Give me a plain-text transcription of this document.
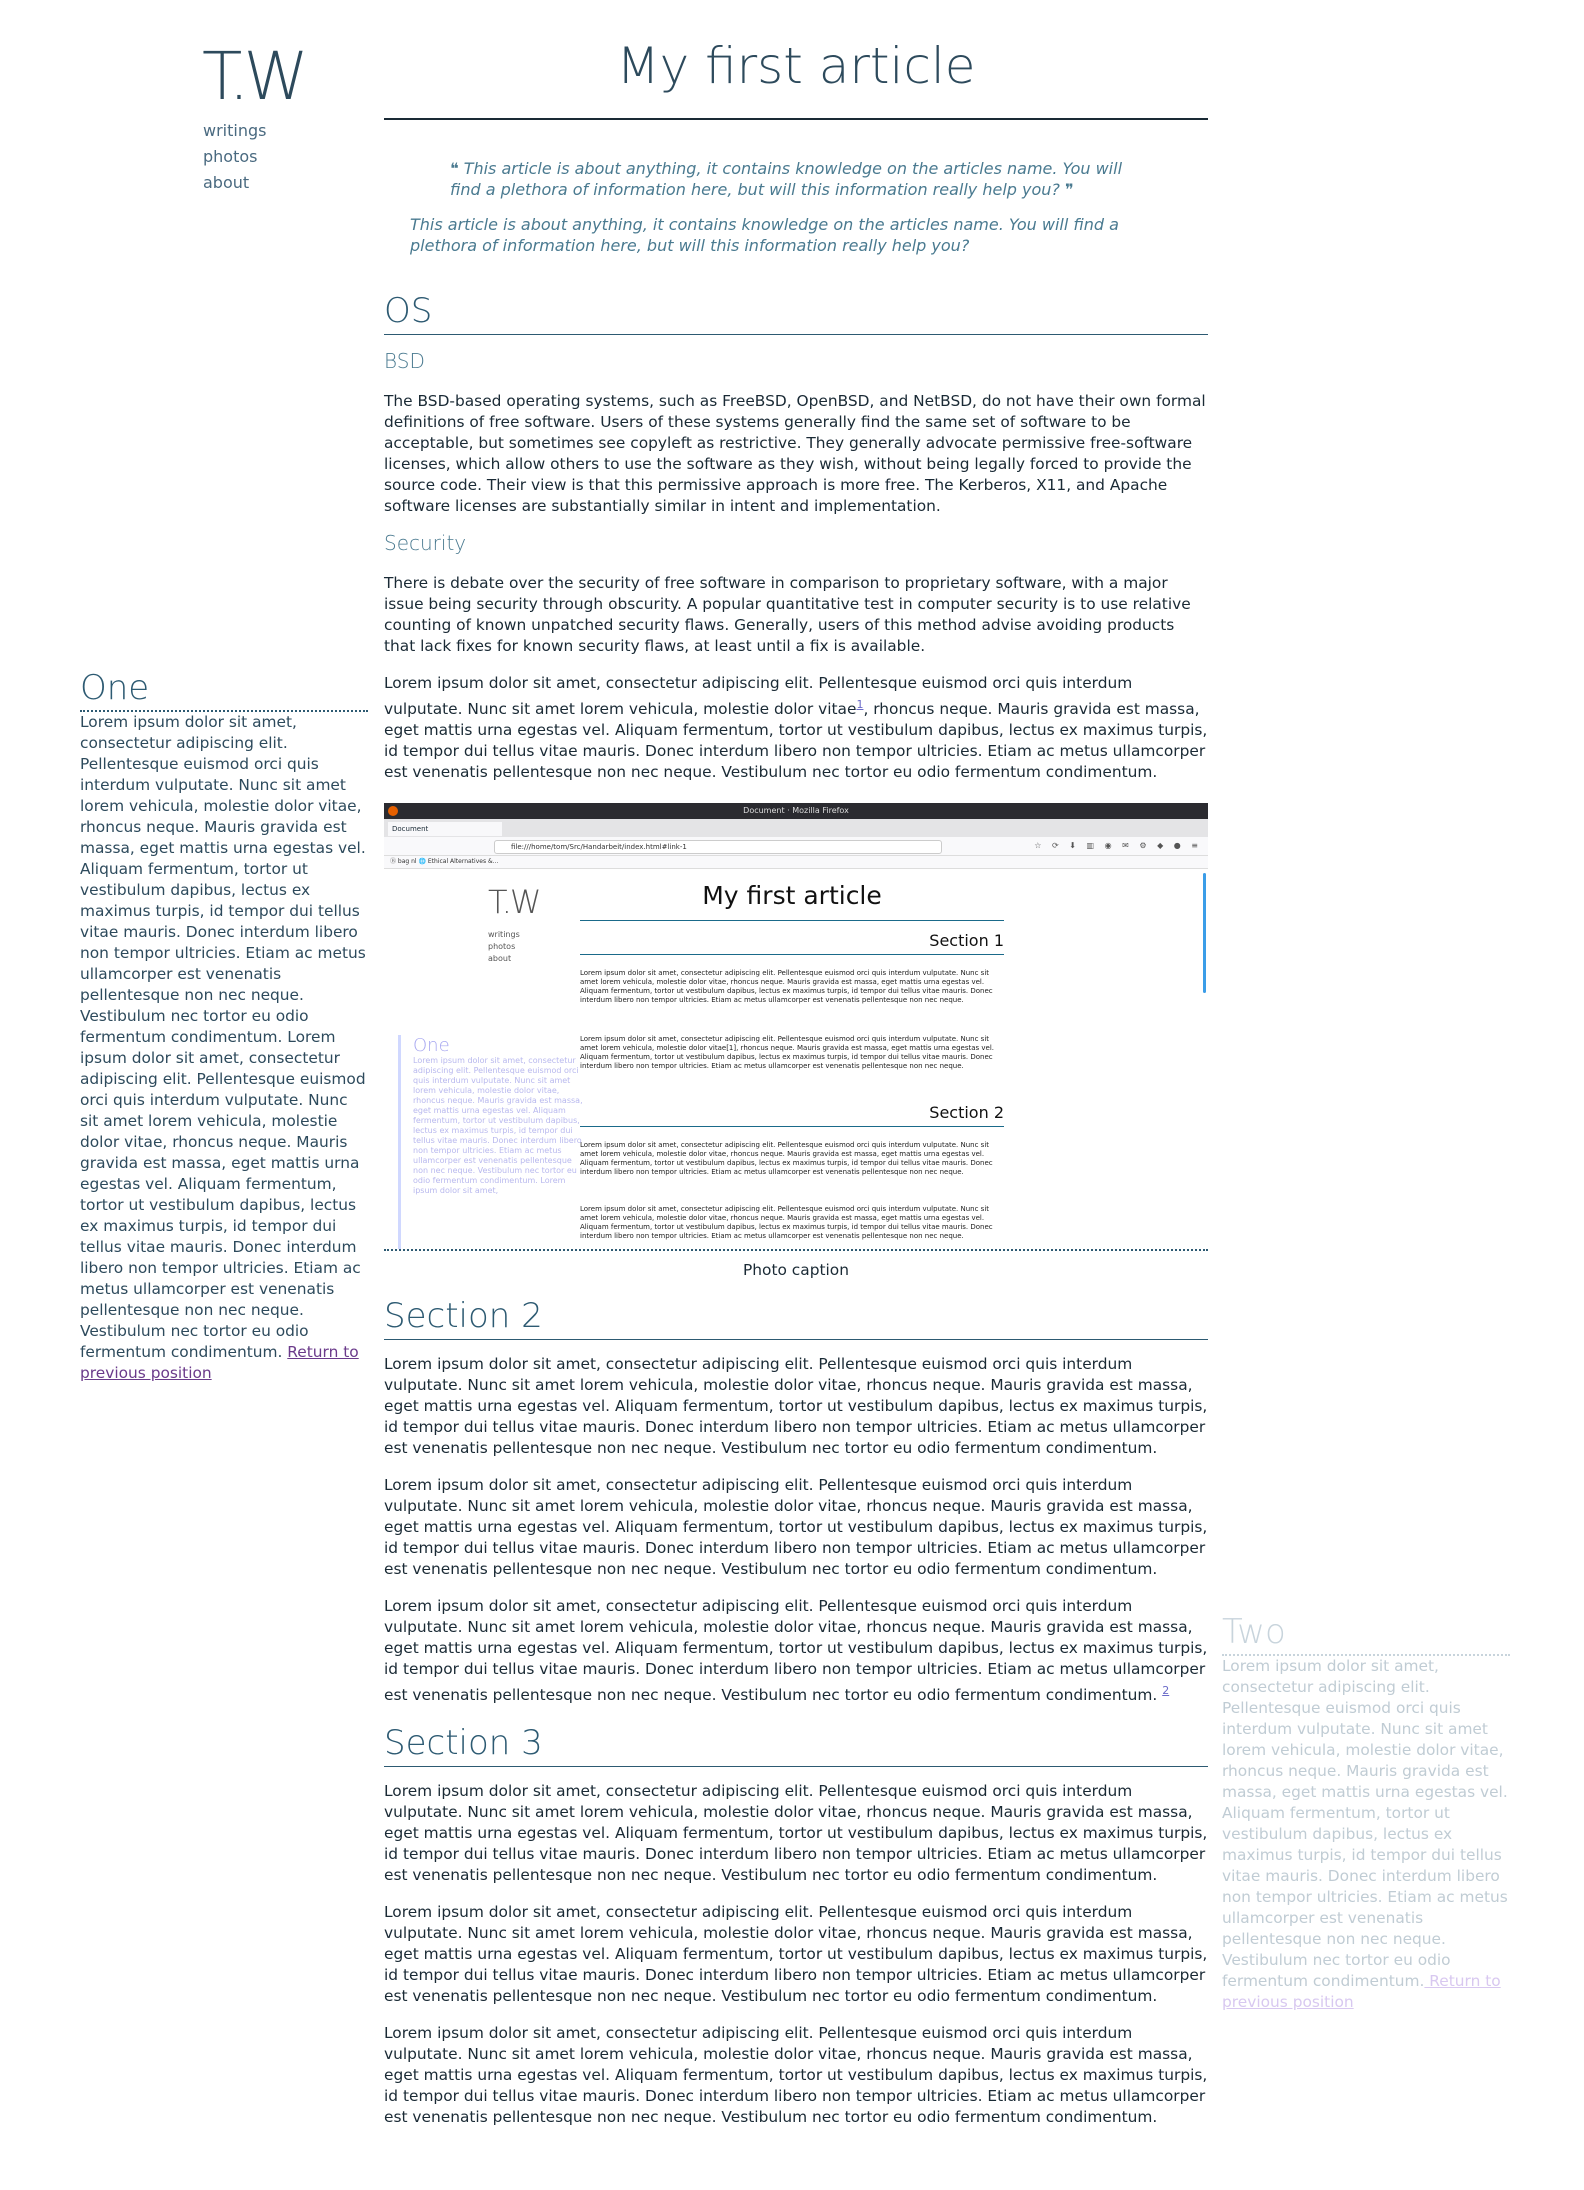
T.W
writings
photos
about
My first article
❝ This article is about anything, it contains knowledge on the articles name. You will find a plethora of information here, but will this information really help you? ❞
This article is about anything, it contains knowledge on the articles name. You will find a plethora of information here, but will this information really help you?
OS
BSD

The BSD-based operating systems, such as FreeBSD, OpenBSD, and NetBSD, do not have their own formal definitions of free software. Users of these systems generally find the same set of software to be acceptable, but sometimes see copyleft as restrictive. They generally advocate permissive free-software licenses, which allow others to use the software as they wish, without being legally forced to provide the source code. Their view is that this permissive approach is more free. The Kerberos, X11, and Apache software licenses are substantially similar in intent and implementation.

Security

There is debate over the security of free software in comparison to proprietary software, with a major issue being security through obscurity. A popular quantitative test in computer security is to use relative counting of known unpatched security flaws. Generally, users of this method advise avoiding products that lack fixes for known security flaws, at least until a fix is available.

Lorem ipsum dolor sit amet, consectetur adipiscing elit. Pellentesque euismod orci quis interdum vulputate. Nunc sit amet lorem vehicula, molestie dolor vitae$^1$, rhoncus neque. Mauris gravida est massa, eget mattis urna egestas vel. Aliquam fermentum, tortor ut vestibulum dapibus, lectus ex maximus turpis, id tempor dui tellus vitae mauris. Donec interdum libero non tempor ultricies. Etiam ac metus ullamcorper est venenatis pellentesque non nec neque. Vestibulum nec tortor eu odio fermentum condimentum.

Document · Mozilla Firefox
Document
file:///home/tom/Src/Handarbeit/index.html#link-1	☆ ⟳ ⬇ ▥ ◉ ✉ ⚙ ◆ ● ≡
Ⓑ bag nl 🌐 Ethical Alternatives &...
T.W
writings
photos
about
My first article
Section 1
Lorem ipsum dolor sit amet, consectetur adipiscing elit. Pellentesque euismod orci quis interdum vulputate. Nunc sit amet lorem vehicula, molestie dolor vitae, rhoncus neque. Mauris gravida est massa, eget mattis urna egestas vel. Aliquam fermentum, tortor ut vestibulum dapibus, lectus ex maximus turpis, id tempor dui tellus vitae mauris. Donec interdum libero non tempor ultricies. Etiam ac metus ullamcorper est venenatis pellentesque non nec neque.
Lorem ipsum dolor sit amet, consectetur adipiscing elit. Pellentesque euismod orci quis interdum vulputate. Nunc sit amet lorem vehicula, molestie dolor vitae[1], rhoncus neque. Mauris gravida est massa, eget mattis urna egestas vel. Aliquam fermentum, tortor ut vestibulum dapibus, lectus ex maximus turpis, id tempor dui tellus vitae mauris. Donec interdum libero non tempor ultricies. Etiam ac metus ullamcorper est venenatis pellentesque non nec neque.
Section 2
Lorem ipsum dolor sit amet, consectetur adipiscing elit. Pellentesque euismod orci quis interdum vulputate. Nunc sit amet lorem vehicula, molestie dolor vitae, rhoncus neque. Mauris gravida est massa, eget mattis urna egestas vel. Aliquam fermentum, tortor ut vestibulum dapibus, lectus ex maximus turpis, id tempor dui tellus vitae mauris. Donec interdum libero non tempor ultricies. Etiam ac metus ullamcorper est venenatis pellentesque non nec neque.
Lorem ipsum dolor sit amet, consectetur adipiscing elit. Pellentesque euismod orci quis interdum vulputate. Nunc sit amet lorem vehicula, molestie dolor vitae, rhoncus neque. Mauris gravida est massa, eget mattis urna egestas vel. Aliquam fermentum, tortor ut vestibulum dapibus, lectus ex maximus turpis, id tempor dui tellus vitae mauris. Donec interdum libero non tempor ultricies. Etiam ac metus ullamcorper est venenatis pellentesque non nec neque.
One
Lorem ipsum dolor sit amet, consectetur adipiscing elit. Pellentesque euismod orci quis interdum vulputate. Nunc sit amet lorem vehicula, molestie dolor vitae, rhoncus neque. Mauris gravida est massa, eget mattis urna egestas vel. Aliquam fermentum, tortor ut vestibulum dapibus, lectus ex maximus turpis, id tempor dui tellus vitae mauris. Donec interdum libero non tempor ultricies. Etiam ac metus ullamcorper est venenatis pellentesque non nec neque. Vestibulum nec tortor eu odio fermentum condimentum. Lorem ipsum dolor sit amet,
Photo caption
Section 2

Lorem ipsum dolor sit amet, consectetur adipiscing elit. Pellentesque euismod orci quis interdum vulputate. Nunc sit amet lorem vehicula, molestie dolor vitae, rhoncus neque. Mauris gravida est massa, eget mattis urna egestas vel. Aliquam fermentum, tortor ut vestibulum dapibus, lectus ex maximus turpis, id tempor dui tellus vitae mauris. Donec interdum libero non tempor ultricies. Etiam ac metus ullamcorper est venenatis pellentesque non nec neque. Vestibulum nec tortor eu odio fermentum condimentum.

Lorem ipsum dolor sit amet, consectetur adipiscing elit. Pellentesque euismod orci quis interdum vulputate. Nunc sit amet lorem vehicula, molestie dolor vitae, rhoncus neque. Mauris gravida est massa, eget mattis urna egestas vel. Aliquam fermentum, tortor ut vestibulum dapibus, lectus ex maximus turpis, id tempor dui tellus vitae mauris. Donec interdum libero non tempor ultricies. Etiam ac metus ullamcorper est venenatis pellentesque non nec neque. Vestibulum nec tortor eu odio fermentum condimentum.

Lorem ipsum dolor sit amet, consectetur adipiscing elit. Pellentesque euismod orci quis interdum vulputate. Nunc sit amet lorem vehicula, molestie dolor vitae, rhoncus neque. Mauris gravida est massa, eget mattis urna egestas vel. Aliquam fermentum, tortor ut vestibulum dapibus, lectus ex maximus turpis, id tempor dui tellus vitae mauris. Donec interdum libero non tempor ultricies. Etiam ac metus ullamcorper est venenatis pellentesque non nec neque. Vestibulum nec tortor eu odio fermentum condimentum. $^2$

Section 3

Lorem ipsum dolor sit amet, consectetur adipiscing elit. Pellentesque euismod orci quis interdum vulputate. Nunc sit amet lorem vehicula, molestie dolor vitae, rhoncus neque. Mauris gravida est massa, eget mattis urna egestas vel. Aliquam fermentum, tortor ut vestibulum dapibus, lectus ex maximus turpis, id tempor dui tellus vitae mauris. Donec interdum libero non tempor ultricies. Etiam ac metus ullamcorper est venenatis pellentesque non nec neque. Vestibulum nec tortor eu odio fermentum condimentum.

Lorem ipsum dolor sit amet, consectetur adipiscing elit. Pellentesque euismod orci quis interdum vulputate. Nunc sit amet lorem vehicula, molestie dolor vitae, rhoncus neque. Mauris gravida est massa, eget mattis urna egestas vel. Aliquam fermentum, tortor ut vestibulum dapibus, lectus ex maximus turpis, id tempor dui tellus vitae mauris. Donec interdum libero non tempor ultricies. Etiam ac metus ullamcorper est venenatis pellentesque non nec neque. Vestibulum nec tortor eu odio fermentum condimentum.

Lorem ipsum dolor sit amet, consectetur adipiscing elit. Pellentesque euismod orci quis interdum vulputate. Nunc sit amet lorem vehicula, molestie dolor vitae, rhoncus neque. Mauris gravida est massa, eget mattis urna egestas vel. Aliquam fermentum, tortor ut vestibulum dapibus, lectus ex maximus turpis, id tempor dui tellus vitae mauris. Donec interdum libero non tempor ultricies. Etiam ac metus ullamcorper est venenatis pellentesque non nec neque. Vestibulum nec tortor eu odio fermentum condimentum.

One
Lorem ipsum dolor sit amet, consectetur adipiscing elit. Pellentesque euismod orci quis interdum vulputate. Nunc sit amet lorem vehicula, molestie dolor vitae, rhoncus neque. Mauris gravida est massa, eget mattis urna egestas vel. Aliquam fermentum, tortor ut vestibulum dapibus, lectus ex maximus turpis, id tempor dui tellus vitae mauris. Donec interdum libero non tempor ultricies. Etiam ac metus ullamcorper est venenatis pellentesque non nec neque. Vestibulum nec tortor eu odio fermentum condimentum. Lorem ipsum dolor sit amet, consectetur adipiscing elit. Pellentesque euismod orci quis interdum vulputate. Nunc sit amet lorem vehicula, molestie dolor vitae, rhoncus neque. Mauris gravida est massa, eget mattis urna egestas vel. Aliquam fermentum, tortor ut vestibulum dapibus, lectus ex maximus turpis, id tempor dui tellus vitae mauris. Donec interdum libero non tempor ultricies. Etiam ac metus ullamcorper est venenatis pellentesque non nec neque. Vestibulum nec tortor eu odio fermentum condimentum. Return to previous position
Two
Lorem ipsum dolor sit amet, consectetur adipiscing elit. Pellentesque euismod orci quis interdum vulputate. Nunc sit amet lorem vehicula, molestie dolor vitae, rhoncus neque. Mauris gravida est massa, eget mattis urna egestas vel. Aliquam fermentum, tortor ut vestibulum dapibus, lectus ex maximus turpis, id tempor dui tellus vitae mauris. Donec interdum libero non tempor ultricies. Etiam ac metus ullamcorper est venenatis pellentesque non nec neque. Vestibulum nec tortor eu odio fermentum condimentum. Return to previous position
